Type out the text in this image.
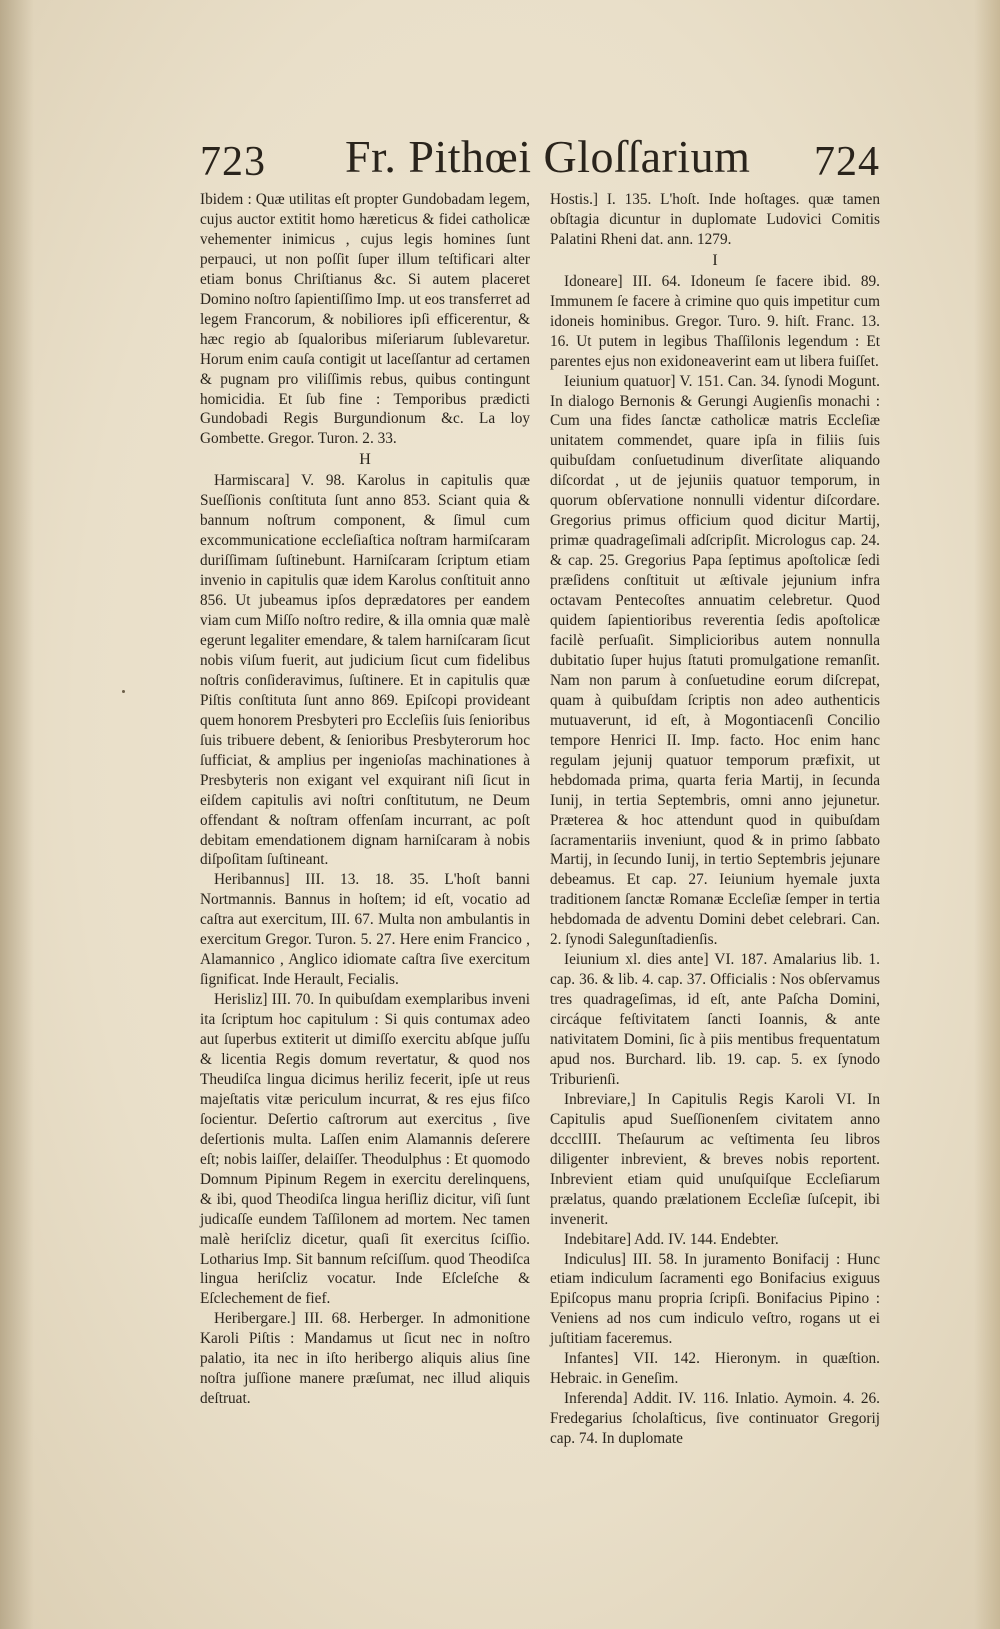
723 Fr. Pithœi Gloſſarium 724

Ibidem : Quæ utilitas eſt propter Gundobadam legem, cujus auctor extitit homo hæreticus & fidei catholicæ vehementer inimicus , cujus legis homines ſunt perpauci, ut non poſſit ſuper illum teſtificari alter etiam bonus Chriſtianus &c. Si autem placeret Domino noſtro ſapientiſſimo Imp. ut eos transferret ad legem Francorum, & nobiliores ipſi efficerentur, & hæc regio ab ſqualoribus miſeriarum ſublevaretur. Horum enim cauſa contigit ut laceſſantur ad certamen & pugnam pro viliſſimis rebus, quibus contingunt homicidia. Et ſub fine : Temporibus prædicti Gundobadi Regis Burgundionum &c. La loy Gombette. Gregor. Turon. 2. 33.

H

Harmiscara] V. 98. Karolus in capitulis quæ Sueſſionis conſtituta ſunt anno 853. Sciant quia & bannum noſtrum component, & ſimul cum excommunicatione eccleſiaſtica noſtram harmiſcaram duriſſimam ſuſtinebunt. Harniſcaram ſcriptum etiam invenio in capitulis quæ idem Karolus conſtituit anno 856. Ut jubeamus ipſos deprædatores per eandem viam cum Miſſo noſtro redire, & illa omnia quæ malè egerunt legaliter emendare, & talem harniſcaram ſicut nobis viſum fuerit, aut judicium ſicut cum fidelibus noſtris conſideravimus, ſuſtinere. Et in capitulis quæ Piſtis conſtituta ſunt anno 869. Epiſcopi provideant quem honorem Presbyteri pro Eccleſiis ſuis ſenioribus ſuis tribuere debent, & ſenioribus Presbyterorum hoc ſufficiat, & amplius per ingenioſas machinationes à Presbyteris non exigant vel exquirant niſi ſicut in eiſdem capitulis avi noſtri conſtitutum, ne Deum offendant & noſtram offenſam incurrant, ac poſt debitam emendationem dignam harniſcaram à nobis diſpoſitam ſuſtineant.

Heribannus] III. 13. 18. 35. L'hoſt banni Nortmannis. Bannus in hoſtem; id eſt, vocatio ad caſtra aut exercitum, III. 67. Multa non ambulantis in exercitum Gregor. Turon. 5. 27. Here enim Francico , Alamannico , Anglico idiomate caſtra ſive exercitum ſignificat. Inde Herault, Fecialis.

Herisliz] III. 70. In quibuſdam exemplaribus inveni ita ſcriptum hoc capitulum : Si quis contumax adeo aut ſuperbus extiterit ut dimiſſo exercitu abſque juſſu & licentia Regis domum revertatur, & quod nos Theudiſca lingua dicimus heriliz fecerit, ipſe ut reus majeſtatis vitæ periculum incurrat, & res ejus fiſco ſocientur. Deſertio caſtrorum aut exercitus , ſive deſertionis multa. Laſſen enim Alamannis deſerere eſt; nobis laiſſer, delaiſſer. Theodulphus : Et quomodo Domnum Pipinum Regem in exercitu derelinquens, & ibi, quod Theodiſca lingua heriſliz dicitur, viſi ſunt judicaſſe eundem Taſſilonem ad mortem. Nec tamen malè heriſcliz dicetur, quaſi ſit exercitus ſciſſio. Lotharius Imp. Sit bannum reſciſſum. quod Theodiſca lingua heriſcliz vocatur. Inde Eſcleſche & Eſclechement de fief.

Heribergare.] III. 68. Herberger. In admonitione Karoli Piſtis : Mandamus ut ſicut nec in noſtro palatio, ita nec in iſto heribergo aliquis alius ſine noſtra juſſione manere præſumat, nec illud aliquis deſtruat.

Hostis.] I. 135. L'hoſt. Inde hoſtages. quæ tamen obſtagia dicuntur in duplomate Ludovici Comitis Palatini Rheni dat. ann. 1279.

I

Idoneare] III. 64. Idoneum ſe facere ibid. 89. Immunem ſe facere à crimine quo quis impetitur cum idoneis hominibus. Gregor. Turo. 9. hiſt. Franc. 13. 16. Ut putem in legibus Thaſſilonis legendum : Et parentes ejus non exidoneaverint eam ut libera fuiſſet.

Ieiunium quatuor] V. 151. Can. 34. ſynodi Mogunt. In dialogo Bernonis & Gerungi Augienſis monachi : Cum una fides ſanctæ catholicæ matris Eccleſiæ unitatem commendet, quare ipſa in filiis ſuis quibuſdam conſuetudinum diverſitate aliquando diſcordat , ut de jejuniis quatuor temporum, in quorum obſervatione nonnulli videntur diſcordare. Gregorius primus officium quod dicitur Martij, primæ quadrageſimali adſcripſit. Micrologus cap. 24. & cap. 25. Gregorius Papa ſeptimus apoſtolicæ ſedi præſidens conſtituit ut æſtivale jejunium infra octavam Pentecoſtes annuatim celebretur. Quod quidem ſapientioribus reverentia ſedis apoſtolicæ facilè perſuaſit. Simplicioribus autem nonnulla dubitatio ſuper hujus ſtatuti promulgatione remanſit. Nam non parum à conſuetudine eorum diſcrepat, quam à quibuſdam ſcriptis non adeo authenticis mutuaverunt, id eſt, à Mogontiacenſi Concilio tempore Henrici II. Imp. facto. Hoc enim hanc regulam jejunij quatuor temporum præfixit, ut hebdomada prima, quarta feria Martij, in ſecunda Iunij, in tertia Septembris, omni anno jejunetur. Præterea & hoc attendunt quod in quibuſdam ſacramentariis inveniunt, quod & in primo ſabbato Martij, in ſecundo Iunij, in tertio Septembris jejunare debeamus. Et cap. 27. Ieiunium hyemale juxta traditionem ſanctæ Romanæ Eccleſiæ ſemper in tertia hebdomada de adventu Domini debet celebrari. Can. 2. ſynodi Salegunſtadienſis.

Ieiunium xl. dies ante] VI. 187. Amalarius lib. 1. cap. 36. & lib. 4. cap. 37. Officialis : Nos obſervamus tres quadrageſimas, id eſt, ante Paſcha Domini, circáque feſtivitatem ſancti Ioannis, & ante nativitatem Domini, ſic à piis mentibus frequentatum apud nos. Burchard. lib. 19. cap. 5. ex ſynodo Triburienſi.

Inbreviare,] In Capitulis Regis Karoli VI. In Capitulis apud Sueſſionenſem civitatem anno dccclIII. Theſaurum ac veſtimenta ſeu libros diligenter inbrevient, & breves nobis reportent. Inbrevient etiam quid unuſquiſque Eccleſiarum prælatus, quando prælationem Eccleſiæ ſuſcepit, ibi invenerit.

Indebitare] Add. IV. 144. Endebter.

Indiculus] III. 58. In juramento Bonifacij : Hunc etiam indiculum ſacramenti ego Bonifacius exiguus Epiſcopus manu propria ſcripſi. Bonifacius Pipino : Veniens ad nos cum indiculo veſtro, rogans ut ei juſtitiam faceremus.

Infantes] VII. 142. Hieronym. in quæſtion. Hebraic. in Geneſim.

Inferenda] Addit. IV. 116. Inlatio. Aymoin. 4. 26. Fredegarius ſcholaſticus, ſive continuator Gregorij cap. 74. In duplomate
